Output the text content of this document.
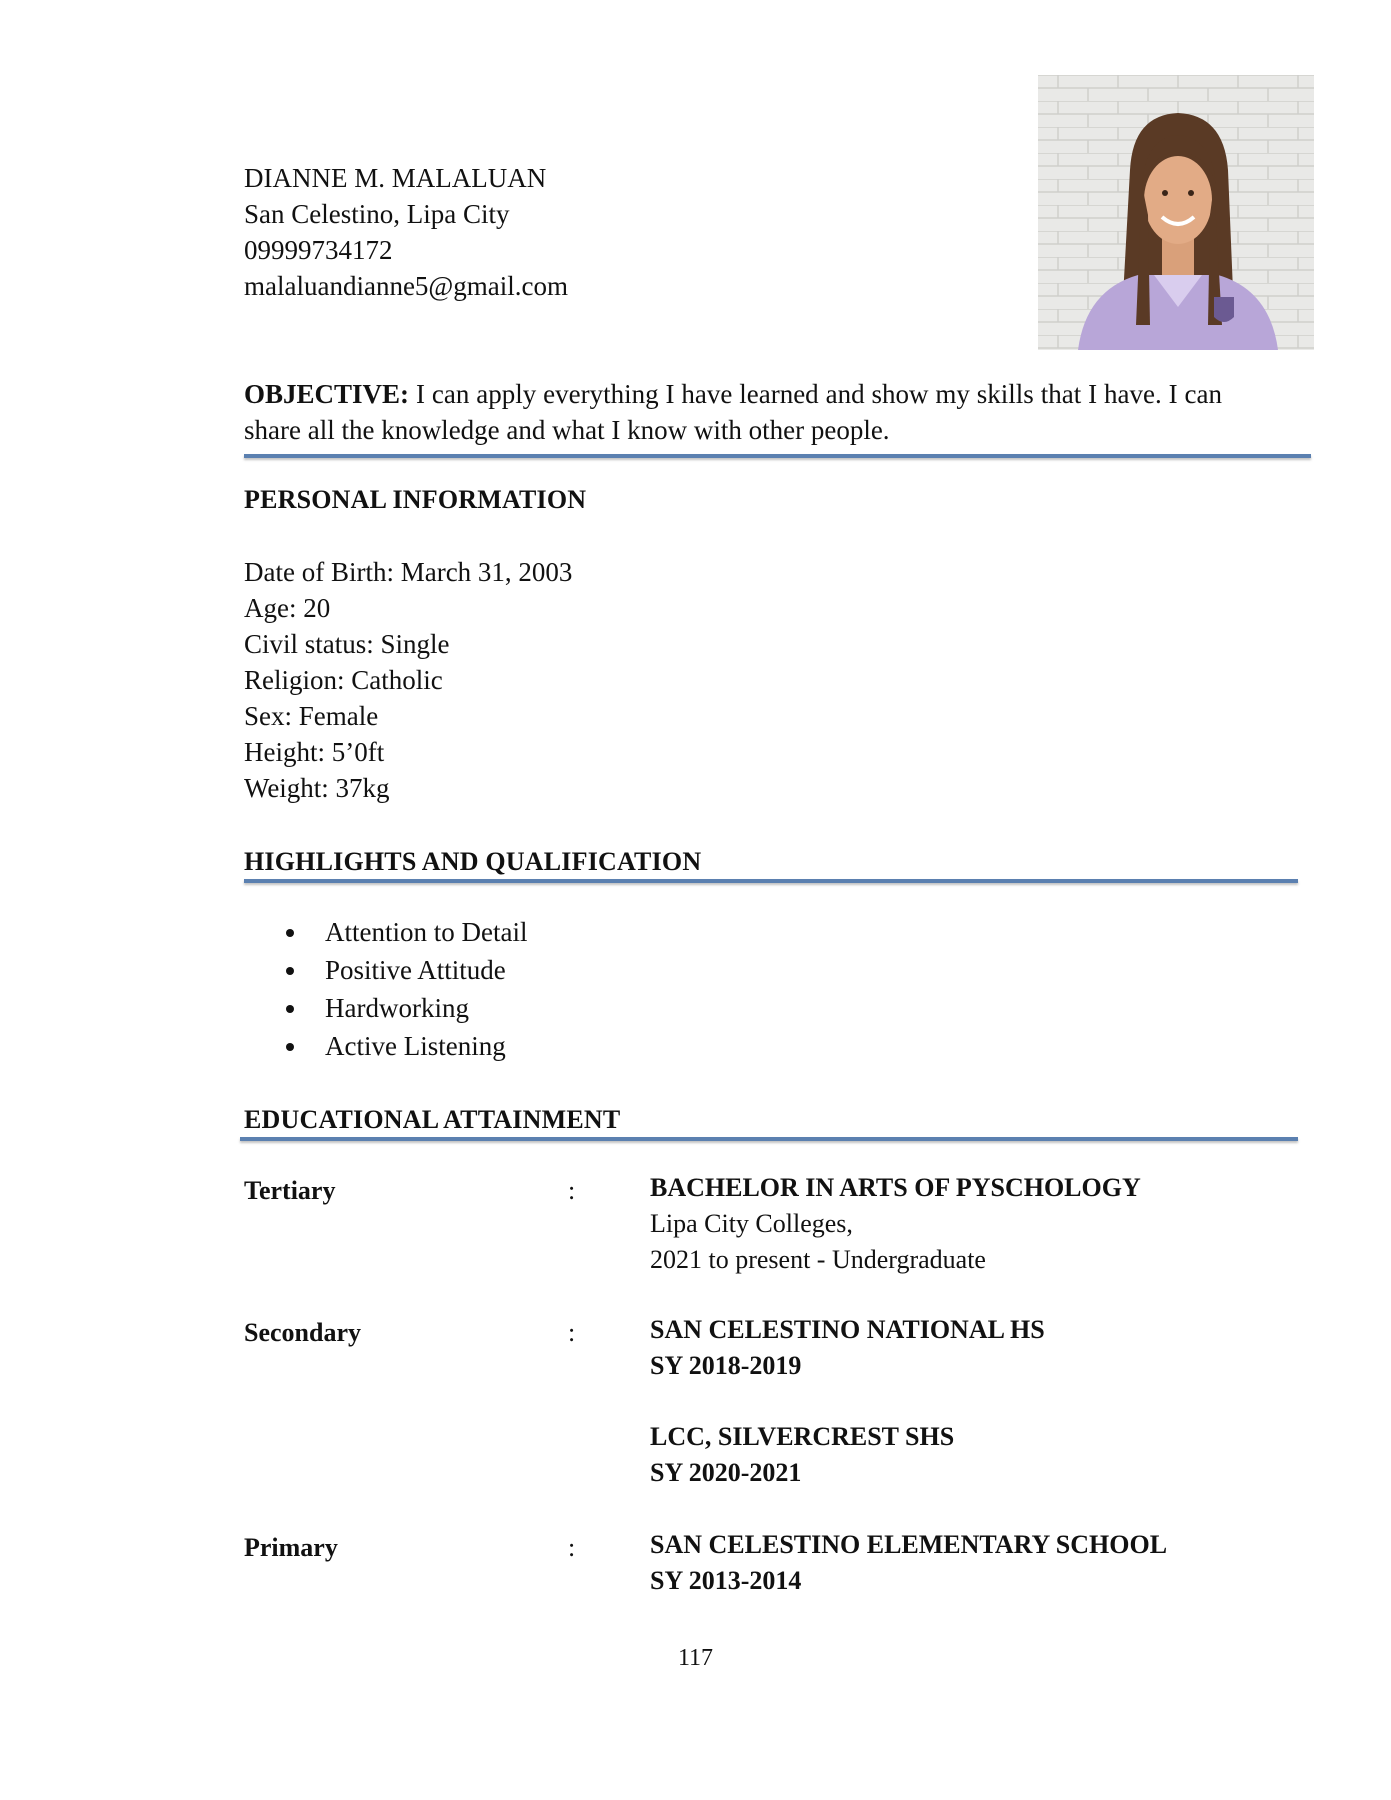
DIANNE M. MALALUAN
San Celestino, Lipa City
09999734172
malaluandianne5@gmail.com
OBJECTIVE: I can apply everything I have learned and show my skills that I have. I can share all the knowledge and what I know with other people.
PERSONAL INFORMATION
Date of Birth: March 31, 2003
Age: 20
Civil status: Single
Religion: Catholic
Sex: Female
Height: 5’0ft
Weight: 37kg
HIGHLIGHTS AND QUALIFICATION
Attention to Detail
Positive Attitude
Hardworking
Active Listening
EDUCATIONAL ATTAINMENT
Tertiary	:	BACHELOR IN ARTS OF PYSCHOLOGY
Lipa City Colleges,
2021 to present - Undergraduate
Secondary	:	SAN CELESTINO NATIONAL HS
SY 2018-2019
LCC, SILVERCREST SHS
SY 2020-2021
Primary	:	SAN CELESTINO ELEMENTARY SCHOOL
SY 2013-2014
117
